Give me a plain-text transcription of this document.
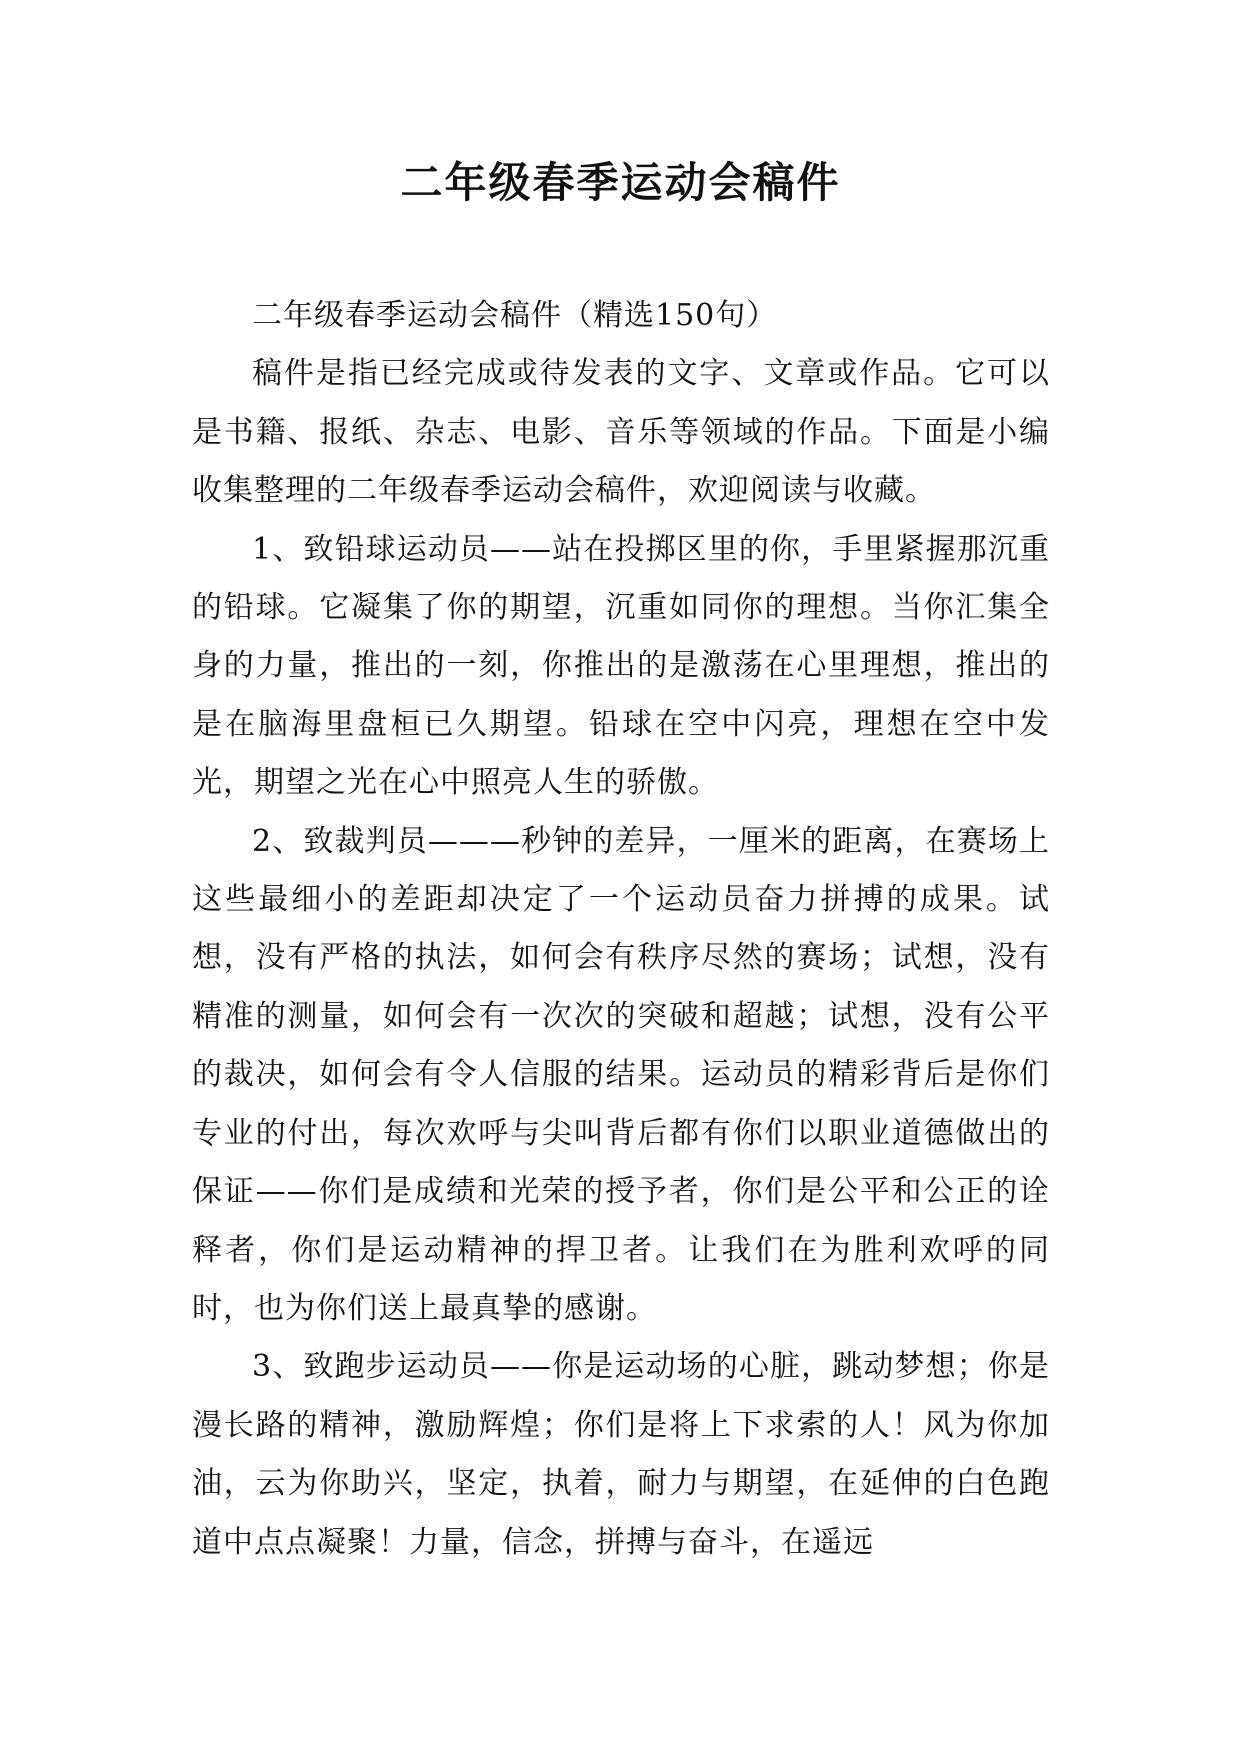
二年级春季运动会稿件

二年级春季运动会稿件（精选150句）

稿件是指已经完成或待发表的文字、文章或作品。它可以是书籍、报纸、杂志、电影、音乐等领域的作品。下面是小编收集整理的二年级春季运动会稿件，欢迎阅读与收藏。

1、致铅球运动员——站在投掷区里的你，手里紧握那沉重的铅球。它凝集了你的期望，沉重如同你的理想。当你汇集全身的力量，推出的一刻，你推出的是激荡在心里理想，推出的是在脑海里盘桓已久期望。铅球在空中闪亮，理想在空中发光，期望之光在心中照亮人生的骄傲。

2、致裁判员———秒钟的差异，一厘米的距离，在赛场上这些最细小的差距却决定了一个运动员奋力拼搏的成果。试想，没有严格的执法，如何会有秩序尽然的赛场；试想，没有精准的测量，如何会有一次次的突破和超越；试想，没有公平的裁决，如何会有令人信服的结果。运动员的精彩背后是你们专业的付出，每次欢呼与尖叫背后都有你们以职业道德做出的保证——你们是成绩和光荣的授予者，你们是公平和公正的诠释者，你们是运动精神的捍卫者。让我们在为胜利欢呼的同时，也为你们送上最真挚的感谢。

3、致跑步运动员——你是运动场的心脏，跳动梦想；你是漫长路的精神，激励辉煌；你们是将上下求索的人！风为你加油，云为你助兴，坚定，执着，耐力与期望，在延伸的白色跑道中点点凝聚！力量，信念，拼搏与奋斗，在遥远
